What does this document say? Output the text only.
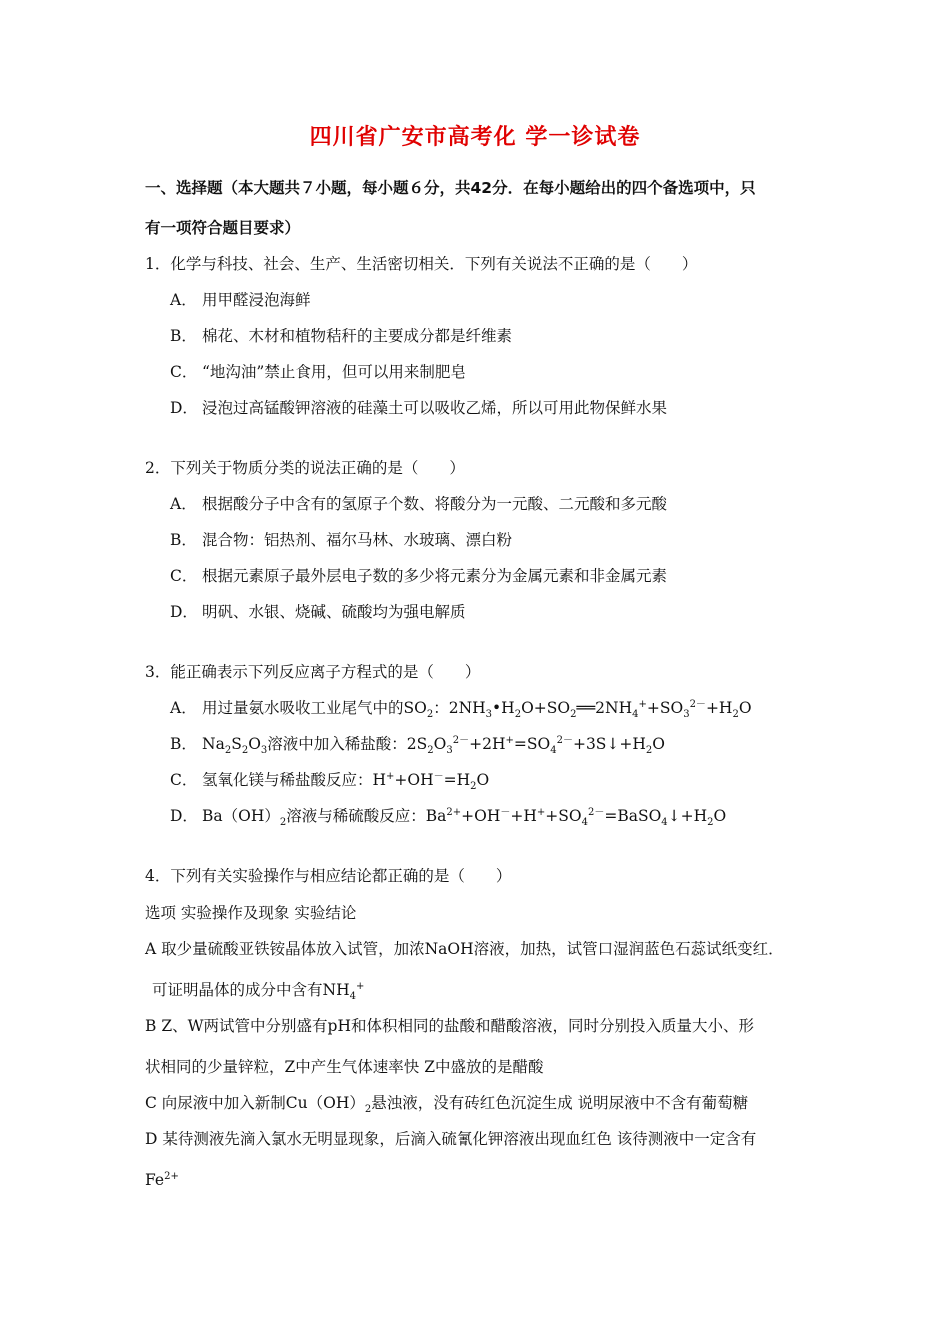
四川省广安市高考化 学一诊试卷
一、选择题（本大题共７小题，每小题６分，共42分．在每小题给出的四个备选项中，只
有一项符合题目要求）
1．化学与科技、社会、生产、生活密切相关．下列有关说法不正确的是（　　）
A． 用甲醛浸泡海鲜
B． 棉花、木材和植物秸秆的主要成分都是纤维素
C． “地沟油”禁止食用，但可以用来制肥皂
D． 浸泡过高锰酸钾溶液的硅藻土可以吸收乙烯，所以可用此物保鲜水果
2．下列关于物质分类的说法正确的是（　　）
A． 根据酸分子中含有的氢原子个数、将酸分为一元酸、二元酸和多元酸
B． 混合物：铝热剂、福尔马林、水玻璃、漂白粉
C． 根据元素原子最外层电子数的多少将元素分为金属元素和非金属元素
D． 明矾、水银、烧碱、硫酸均为强电解质
3．能正确表示下列反应离子方程式的是（　　）
A． 用过量氨水吸收工业尾气中的$SO_2$：$2NH_3•H_2O+SO_2══2NH_4^++SO_3^{2-}+H_2O$
B． $Na_2S_2O_3$溶液中加入稀盐酸：$2S_2O_3^{2-}+2H^+=SO_4^{2-}+3S↓+H_2O$
C． 氢氧化镁与稀盐酸反应：$H^++OH^-=H_2O$
D． $Ba(OH)_2$溶液与稀硫酸反应：$Ba^{2+}+OH^-+H^++SO_4^{2-}=BaSO_4↓+H_2O$
4．下列有关实验操作与相应结论都正确的是（　　）
选项 实验操作及现象 实验结论
A 取少量硫酸亚铁铵晶体放入试管，加浓NaOH溶液，加热，试管口湿润蓝色石蕊试纸变红．
可证明晶体的成分中含有$NH_4^+$
B Z、W两试管中分别盛有pH和体积相同的盐酸和醋酸溶液，同时分别投入质量大小、形
状相同的少量锌粒，Z中产生气体速率快 Z中盛放的是醋酸
C 向尿液中加入新制$Cu(OH)_2$悬浊液，没有砖红色沉淀生成 说明尿液中不含有葡萄糖
D 某待测液先滴入氯水无明显现象，后滴入硫氰化钾溶液出现血红色 该待测液中一定含有
$Fe^{2+}$
